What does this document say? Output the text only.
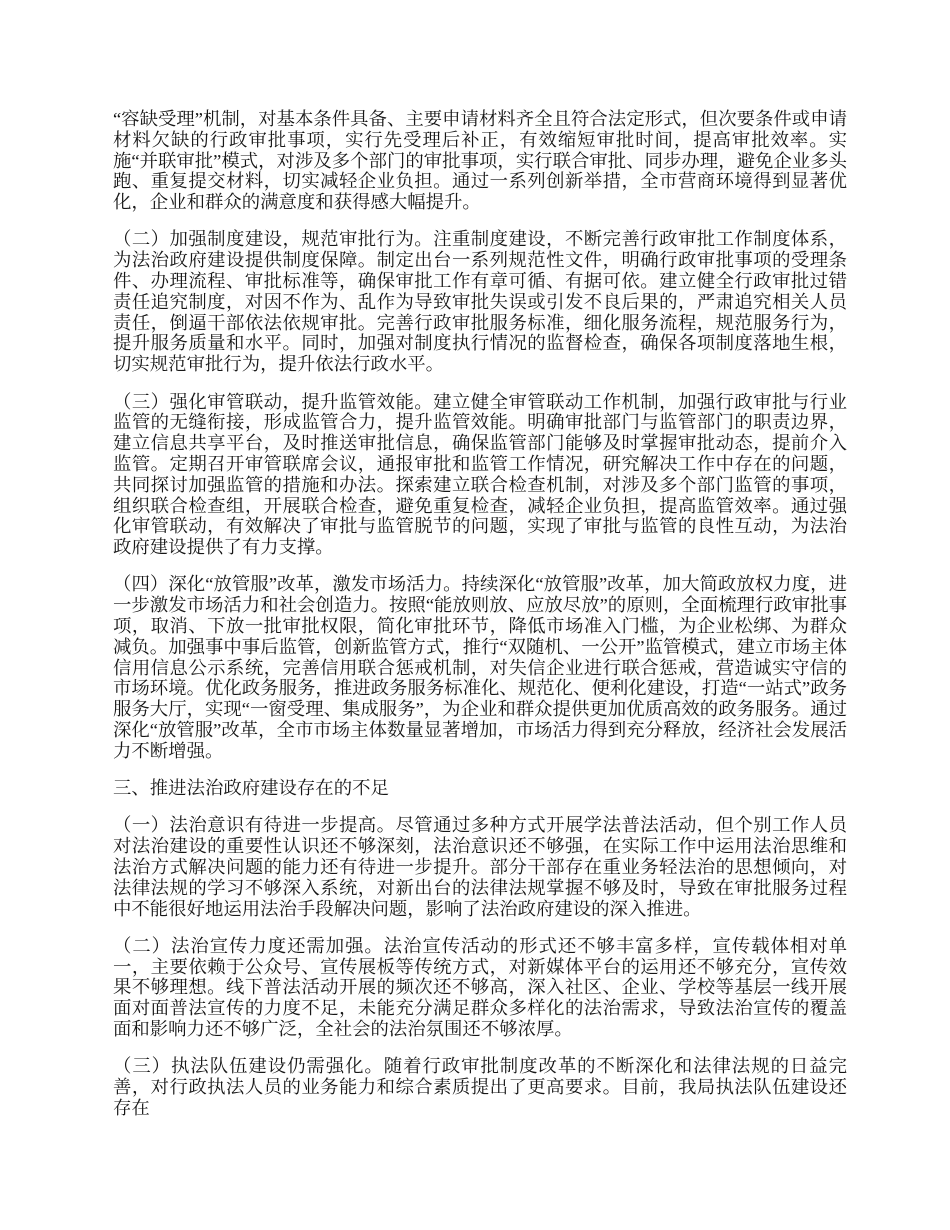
“容缺受理”机制，对基本条件具备、主要申请材料齐全且符合法定形式，但次要条件或申请材料欠缺的行政审批事项，实行先受理后补正，有效缩短审批时间，提高审批效率。实施“并联审批”模式，对涉及多个部门的审批事项，实行联合审批、同步办理，避免企业多头跑、重复提交材料，切实减轻企业负担。通过一系列创新举措，全市营商环境得到显著优化，企业和群众的满意度和获得感大幅提升。

（二）加强制度建设，规范审批行为。注重制度建设，不断完善行政审批工作制度体系，为法治政府建设提供制度保障。制定出台一系列规范性文件，明确行政审批事项的受理条件、办理流程、审批标准等，确保审批工作有章可循、有据可依。建立健全行政审批过错责任追究制度，对因不作为、乱作为导致审批失误或引发不良后果的，严肃追究相关人员责任，倒逼干部依法依规审批。完善行政审批服务标准，细化服务流程，规范服务行为，提升服务质量和水平。同时，加强对制度执行情况的监督检查，确保各项制度落地生根，切实规范审批行为，提升依法行政水平。

（三）强化审管联动，提升监管效能。建立健全审管联动工作机制，加强行政审批与行业监管的无缝衔接，形成监管合力，提升监管效能。明确审批部门与监管部门的职责边界，建立信息共享平台，及时推送审批信息，确保监管部门能够及时掌握审批动态，提前介入监管。定期召开审管联席会议，通报审批和监管工作情况，研究解决工作中存在的问题，共同探讨加强监管的措施和办法。探索建立联合检查机制，对涉及多个部门监管的事项，组织联合检查组，开展联合检查，避免重复检查，减轻企业负担，提高监管效率。通过强化审管联动，有效解决了审批与监管脱节的问题，实现了审批与监管的良性互动，为法治政府建设提供了有力支撑。

（四）深化“放管服”改革，激发市场活力。持续深化“放管服”改革，加大简政放权力度，进一步激发市场活力和社会创造力。按照“能放则放、应放尽放”的原则，全面梳理行政审批事项，取消、下放一批审批权限，简化审批环节，降低市场准入门槛，为企业松绑、为群众减负。加强事中事后监管，创新监管方式，推行“双随机、一公开”监管模式，建立市场主体信用信息公示系统，完善信用联合惩戒机制，对失信企业进行联合惩戒，营造诚实守信的市场环境。优化政务服务，推进政务服务标准化、规范化、便利化建设，打造“一站式”政务服务大厅，实现“一窗受理、集成服务”，为企业和群众提供更加优质高效的政务服务。通过深化“放管服”改革，全市市场主体数量显著增加，市场活力得到充分释放，经济社会发展活力不断增强。

三、推进法治政府建设存在的不足

（一）法治意识有待进一步提高。尽管通过多种方式开展学法普法活动，但个别工作人员对法治建设的重要性认识还不够深刻，法治意识还不够强，在实际工作中运用法治思维和法治方式解决问题的能力还有待进一步提升。部分干部存在重业务轻法治的思想倾向，对法律法规的学习不够深入系统，对新出台的法律法规掌握不够及时，导致在审批服务过程中不能很好地运用法治手段解决问题，影响了法治政府建设的深入推进。

（二）法治宣传力度还需加强。法治宣传活动的形式还不够丰富多样，宣传载体相对单一，主要依赖于公众号、宣传展板等传统方式，对新媒体平台的运用还不够充分，宣传效果不够理想。线下普法活动开展的频次还不够高，深入社区、企业、学校等基层一线开展面对面普法宣传的力度不足，未能充分满足群众多样化的法治需求，导致法治宣传的覆盖面和影响力还不够广泛，全社会的法治氛围还不够浓厚。

（三）执法队伍建设仍需强化。随着行政审批制度改革的不断深化和法律法规的日益完善，对行政执法人员的业务能力和综合素质提出了更高要求。目前，我局执法队伍建设还存在
